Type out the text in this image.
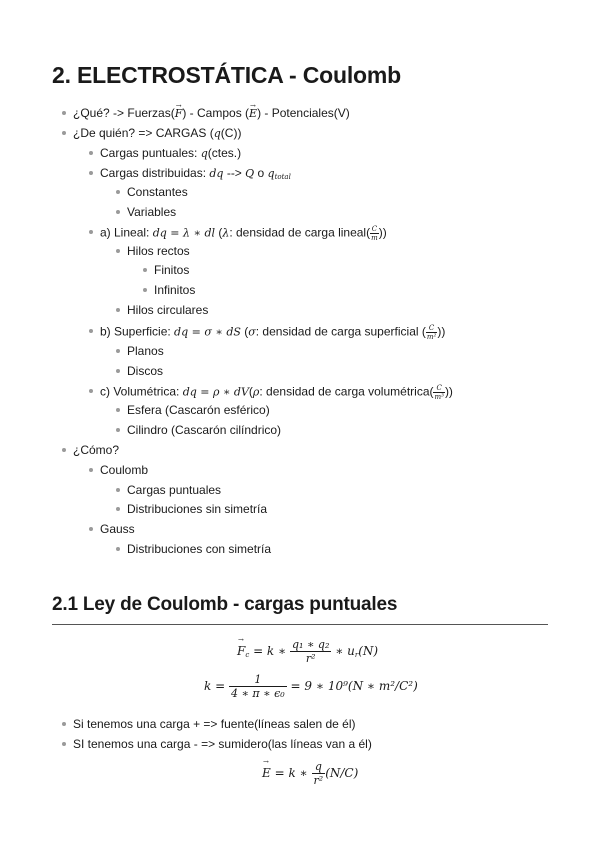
2. ELECTROSTÁTICA - Coulomb
¿Qué? -> Fuerzas(F →) - Campos (E →) - Potenciales(V)
¿De quién? => CARGAS (q(C))
Cargas puntuales: q(ctes.)
Cargas distribuidas: dq --> Q o $q_{total}$
Constantes
Variables
a) Lineal: dq = λ ∗ dl (λ: densidad de carga lineal( $\frac{C}{m}$ ))
Hilos rectos
Finitos
Infinitos
Hilos circulares
b) Superficie: dq = σ ∗ dS (σ: densidad de carga superficial ( $\frac{C}{\text{m²}}$ ))
Planos
Discos
c) Volumétrica: dq = ρ ∗ dV(ρ: densidad de carga volumétrica( $\frac{C}{\text{m³}}$ ))
Esfera (Cascarón esférico)
Cilindro (Cascarón cilíndrico)
¿Cómo?
Coulomb
Cargas puntuales
Distribuciones sin simetría
Gauss
Distribuciones con simetría
2.1 Ley de Coulomb - cargas puntuales
$F \to_c = k$ ∗ $\frac{\text{q₁ ∗ q₂}}{\text{r²}}$ ∗ $u_r(N)$
$k = \frac{1}{\text{4 ∗ π ∗ ϵ₀}} = 9$ ∗ 10⁹(N ∗ m²/C²)
Si tenemos una carga + => fuente(líneas salen de él)
SI tenemos una carga - => sumidero(las líneas van a él)
E → = k ∗ $\frac{q}{\text{r²}} (N/C)$
